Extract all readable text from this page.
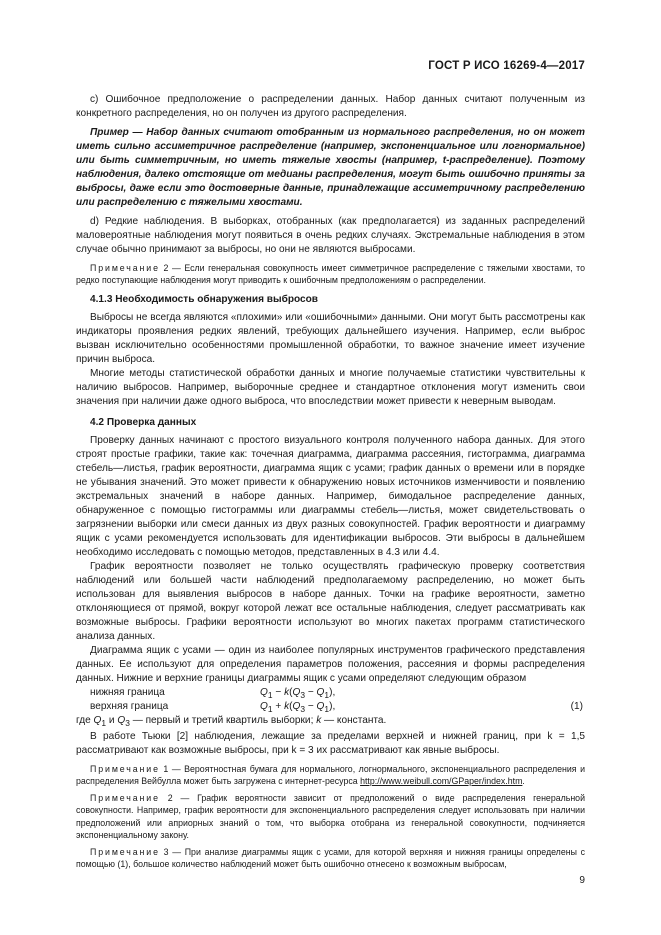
ГОСТ Р ИСО 16269-4—2017

c) Ошибочное предположение о распределении данных. Набор данных считают полученным из конкретного распределения, но он получен из другого распределения.

Пример — Набор данных считают отобранным из нормального распределения, но он может иметь сильно ассиметричное распределение (например, экспоненциальное или логнормальное) или быть симметричным, но иметь тяжелые хвосты (например, t-распределение). Поэтому наблюдения, далеко отстоящие от медианы распределения, могут быть ошибочно приняты за выбросы, даже если это достоверные данные, принадлежащие ассиметричному распределению или распределению с тяжелыми хвостами.

d) Редкие наблюдения. В выборках, отобранных (как предполагается) из заданных распределений маловероятные наблюдения могут появиться в очень редких случаях. Экстремальные наблюдения в этом случае обычно принимают за выбросы, но они не являются выбросами.

Примечание 2 — Если генеральная совокупность имеет симметричное распределение с тяжелыми хвостами, то редко поступающие наблюдения могут приводить к ошибочным предположениям о распределении.

4.1.3 Необходимость обнаружения выбросов

Выбросы не всегда являются «плохими» или «ошибочными» данными. Они могут быть рассмотрены как индикаторы проявления редких явлений, требующих дальнейшего изучения. Например, если выброс вызван исключительно особенностями промышленной обработки, то важное значение имеет изучение причин выброса.

Многие методы статистической обработки данных и многие получаемые статистики чувствительны к наличию выбросов. Например, выборочные среднее и стандартное отклонения могут изменить свои значения при наличии даже одного выброса, что впоследствии может привести к неверным выводам.

4.2 Проверка данных

Проверку данных начинают с простого визуального контроля полученного набора данных. Для этого строят простые графики, такие как: точечная диаграмма, диаграмма рассеяния, гистограмма, диаграмма стебель—листья, график вероятности, диаграмма ящик с усами; график данных о времени или в порядке не убывания значений. Это может привести к обнаружению новых источников изменчивости и появлению экстремальных значений в наборе данных. Например, бимодальное распределение данных, обнаруженное с помощью гистограммы или диаграммы стебель—листья, может свидетельствовать о загрязнении выборки или смеси данных из двух разных совокупностей. График вероятности и диаграмму ящик с усами рекомендуется использовать для идентификации выбросов. Эти выбросы в дальнейшем необходимо исследовать с помощью методов, представленных в 4.3 или 4.4.

График вероятности позволяет не только осуществлять графическую проверку соответствия наблюдений или большей части наблюдений предполагаемому распределению, но может быть использован для выявления выбросов в наборе данных. Точки на графике вероятности, заметно отклоняющиеся от прямой, вокруг которой лежат все остальные наблюдения, следует рассматривать как возможные выбросы. Графики вероятности используют во многих пакетах программ статистического анализа данных.

Диаграмма ящик с усами — один из наиболее популярных инструментов графического представления данных. Ее используют для определения параметров положения, рассеяния и формы распределения данных. Нижние и верхние границы диаграммы ящик с усами определяют следующим образом

нижняя граница	$Q_1 - k(Q_3 - Q_1)$,
верхняя граница	$Q_1 + k(Q_3 - Q_1)$,	(1)

где $Q_1$ и $Q_3$ — первый и третий квартиль выборки; k — константа.

В работе Тьюки [2] наблюдения, лежащие за пределами верхней и нижней границ, при k = 1,5 рассматривают как возможные выбросы, при k = 3 их рассматривают как явные выбросы.

Примечание 1 — Вероятностная бумага для нормального, логнормального, экспоненциального распределения и распределения Вейбулла может быть загружена с интернет-ресурса http://www.weibull.com/GPaper/index.htm.

Примечание 2 — График вероятности зависит от предположений о виде распределения генеральной совокупности. Например, график вероятности для экспоненциального распределения следует использовать при наличии предположений или априорных знаний о том, что выборка отобрана из генеральной совокупности, подчиняется экспоненциальному закону.

Примечание 3 — При анализе диаграммы ящик с усами, для которой верхняя и нижняя границы определены с помощью (1), большое количество наблюдений может быть ошибочно отнесено к возможным выбросам,

9
